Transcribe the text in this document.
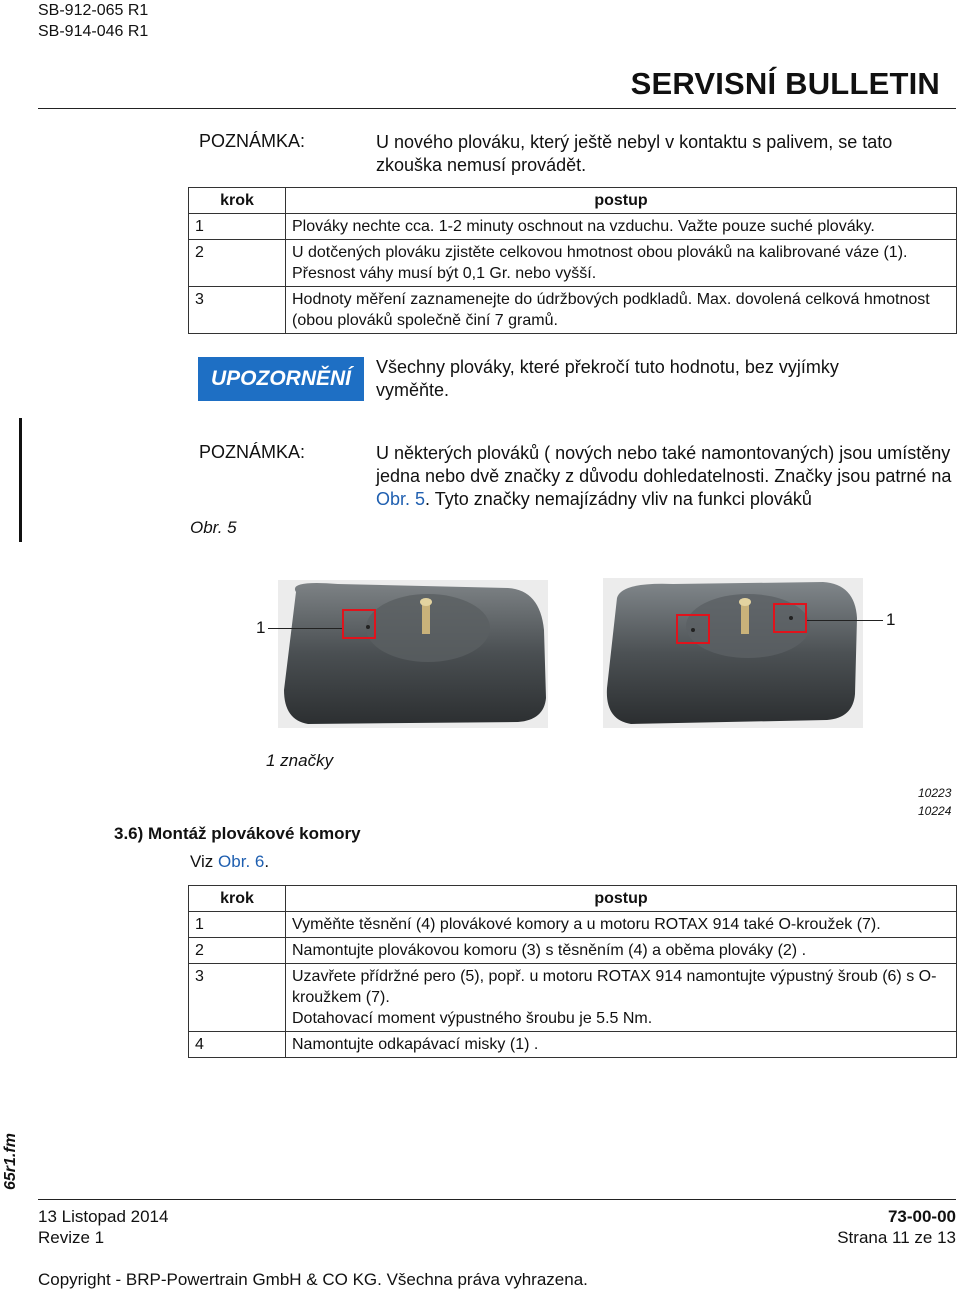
SB-912-065 R1
SB-914-046 R1
SERVISNÍ BULLETIN
POZNÁMKA:	U nového plováku, který ještě nebyl v kontaktu s palivem, se tato zkouška nemusí provádět.
krok	postup
1	Plováky nechte cca. 1-2 minuty oschnout na vzduchu. Važte pouze suché plováky.
2	U dotčených plováku zjistěte celkovou hmotnost obou plováků na kalibrované váze (1). Přesnost váhy musí být 0,1 Gr. nebo vyšší.
3	Hodnoty měření zaznamenejte do údržbových podkladů. Max. dovolená celková hmotnost (obou plováků společně činí 7 gramů.
UPOZORNĚNÍ	Všechny plováky, které překročí tuto hodnotu, bez vyjímky vyměňte.
POZNÁMKA:	U některých plováků ( nových nebo také namontovaných) jsou umístěny jedna nebo dvě značky z důvodu dohledatelnosti. Značky jsou patrné na Obr. 5. Tyto značky nemajízádny vliv na funkci plováků
Obr. 5
1	1
1 značky
10223
10224
3.6) Montáž plovákové komory
Viz Obr. 6.
krok	postup
1	Vyměňte těsnění (4) plovákové komory a u motoru ROTAX 914 také O-kroužek (7).
2	Namontujte plovákovou komoru (3) s těsněním (4) a oběma plováky (2) .
3	Uzavřete přídržné pero (5), popř. u motoru ROTAX 914 namontujte výpustný šroub (6) s O-kroužkem (7).
Dotahovací moment výpustného šroubu je 5.5 Nm.

4	Namontujte odkapávací misky (1) .
65r1.fm
13 Listopad 2014
Revize 1
73-00-00
Strana 11 ze 13
Copyright - BRP-Powertrain GmbH & CO KG. Všechna práva vyhrazena.
